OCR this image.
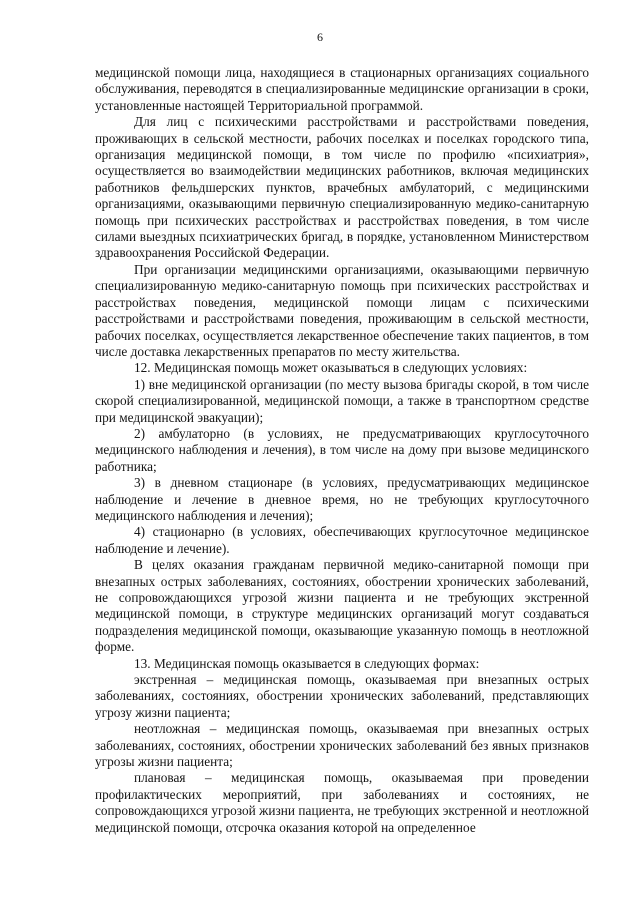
6

медицинской помощи лица, находящиеся в стационарных организациях социального обслуживания, переводятся в специализированные медицинские организации в сроки, установленные настоящей Территориальной программой.

Для лиц с психическими расстройствами и расстройствами поведения, проживающих в сельской местности, рабочих поселках и поселках городского типа, организация медицинской помощи, в том числе по профилю «психиатрия», осуществляется во взаимодействии медицинских работников, включая медицинских работников фельдшерских пунктов, врачебных амбулаторий, с медицинскими организациями, оказывающими первичную специализированную медико-санитарную помощь при психических расстройствах и расстройствах поведения, в том числе силами выездных психиатрических бригад, в порядке, установленном Министерством здравоохранения Российской Федерации.

При организации медицинскими организациями, оказывающими первичную специализированную медико-санитарную помощь при психических расстройствах и расстройствах поведения, медицинской помощи лицам с психическими расстройствами и расстройствами поведения, проживающим в сельской местности, рабочих поселках, осуществляется лекарственное обеспечение таких пациентов, в том числе доставка лекарственных препаратов по месту жительства.

12. Медицинская помощь может оказываться в следующих условиях:

1) вне медицинской организации (по месту вызова бригады скорой, в том числе скорой специализированной, медицинской помощи, а также в транспортном средстве при медицинской эвакуации);

2) амбулаторно (в условиях, не предусматривающих круглосуточного медицинского наблюдения и лечения), в том числе на дому при вызове медицинского работника;

3) в дневном стационаре (в условиях, предусматривающих медицинское наблюдение и лечение в дневное время, но не требующих круглосуточного медицинского наблюдения и лечения);

4) стационарно (в условиях, обеспечивающих круглосуточное медицинское наблюдение и лечение).

В целях оказания гражданам первичной медико-санитарной помощи при внезапных острых заболеваниях, состояниях, обострении хронических заболеваний, не сопровождающихся угрозой жизни пациента и не требующих экстренной медицинской помощи, в структуре медицинских организаций могут создаваться подразделения медицинской помощи, оказывающие указанную помощь в неотложной форме.

13. Медицинская помощь оказывается в следующих формах:

экстренная – медицинская помощь, оказываемая при внезапных острых заболеваниях, состояниях, обострении хронических заболеваний, представляющих угрозу жизни пациента;

неотложная – медицинская помощь, оказываемая при внезапных острых заболеваниях, состояниях, обострении хронических заболеваний без явных признаков угрозы жизни пациента;

плановая – медицинская помощь, оказываемая при проведении профилактических мероприятий, при заболеваниях и состояниях, не сопровождающихся угрозой жизни пациента, не требующих экстренной и неотложной медицинской помощи, отсрочка оказания которой на определенное
